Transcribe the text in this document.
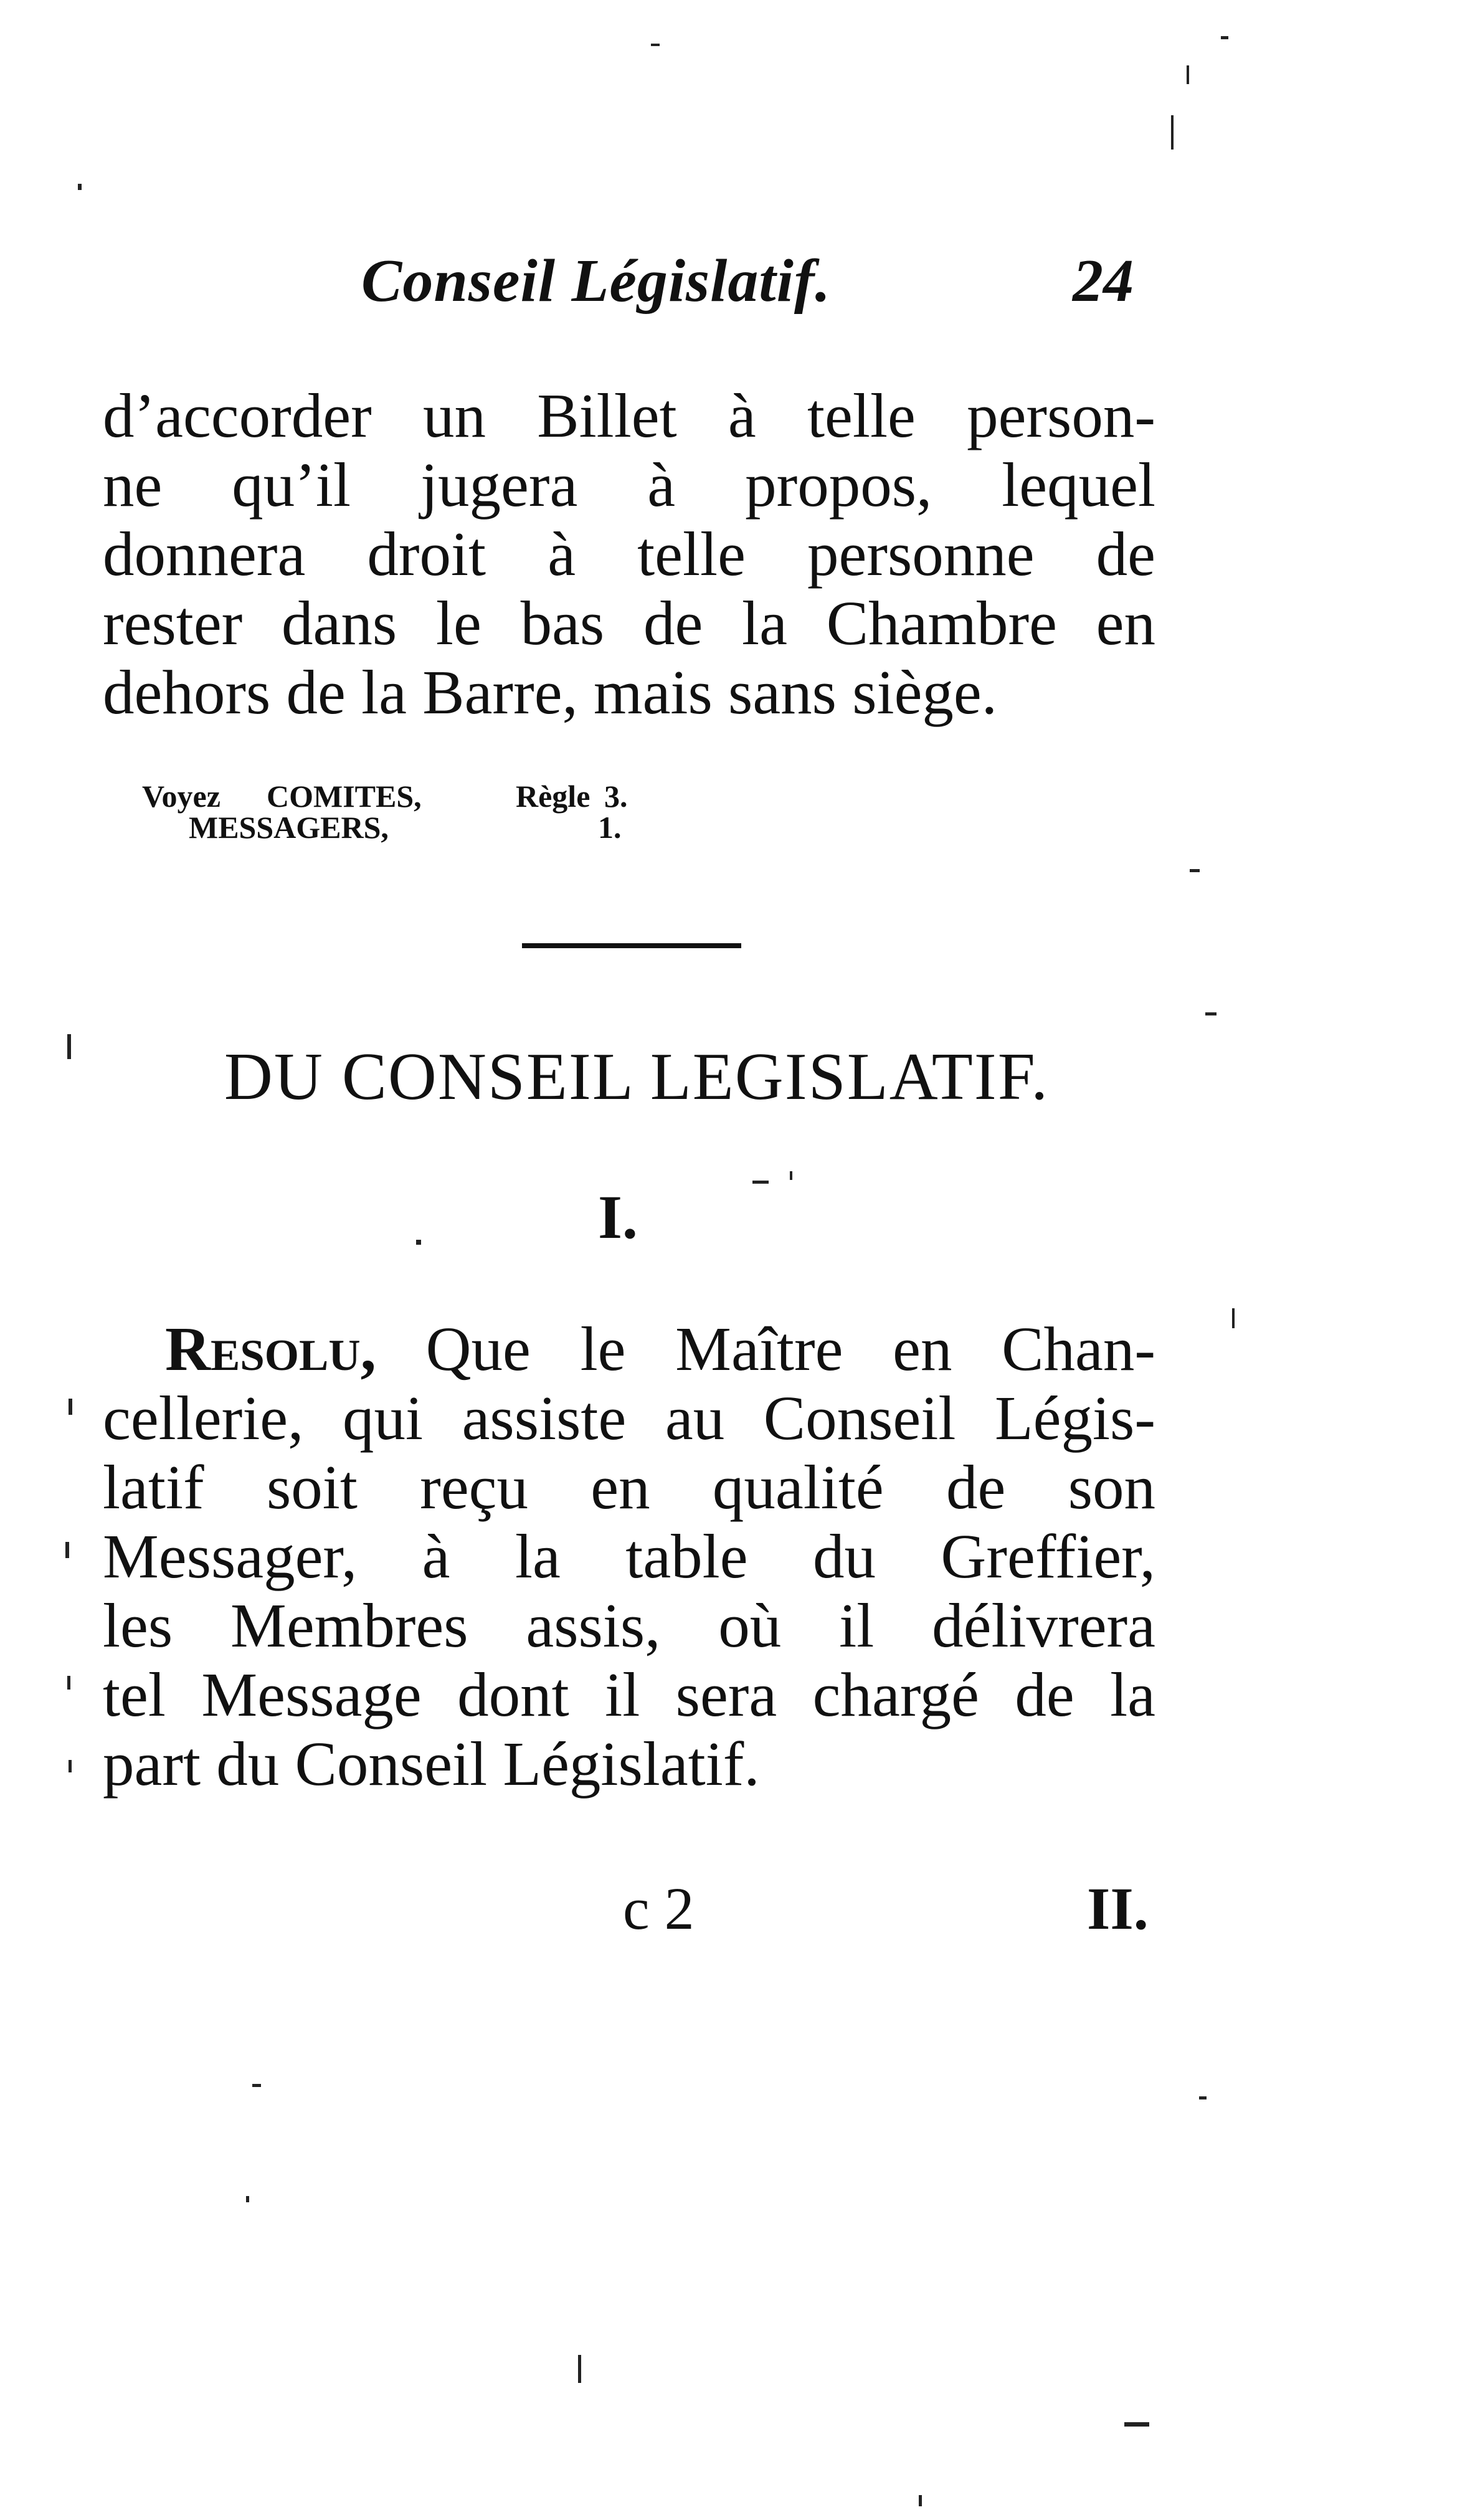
Conseil Législatif.	24
d’accorder un Billet à telle person-
ne qu’il jugera à propos, lequel
donnera droit à telle personne de
rester dans le bas de la Chambre en
dehors de la Barre, mais sans siège.
Voyez COMITES,	Règle 3.
MESSAGERS,	1.
DU CONSEIL LEGISLATIF.
I.
Resolu, Que le Maître en Chan-
cellerie, qui assiste au Conseil Légis-
latif soit reçu en qualité de son
Messager, à la table du Greffier,
les Membres assis, où il délivrera
tel Message dont il sera chargé de la
part du Conseil Législatif.
c 2	II.
